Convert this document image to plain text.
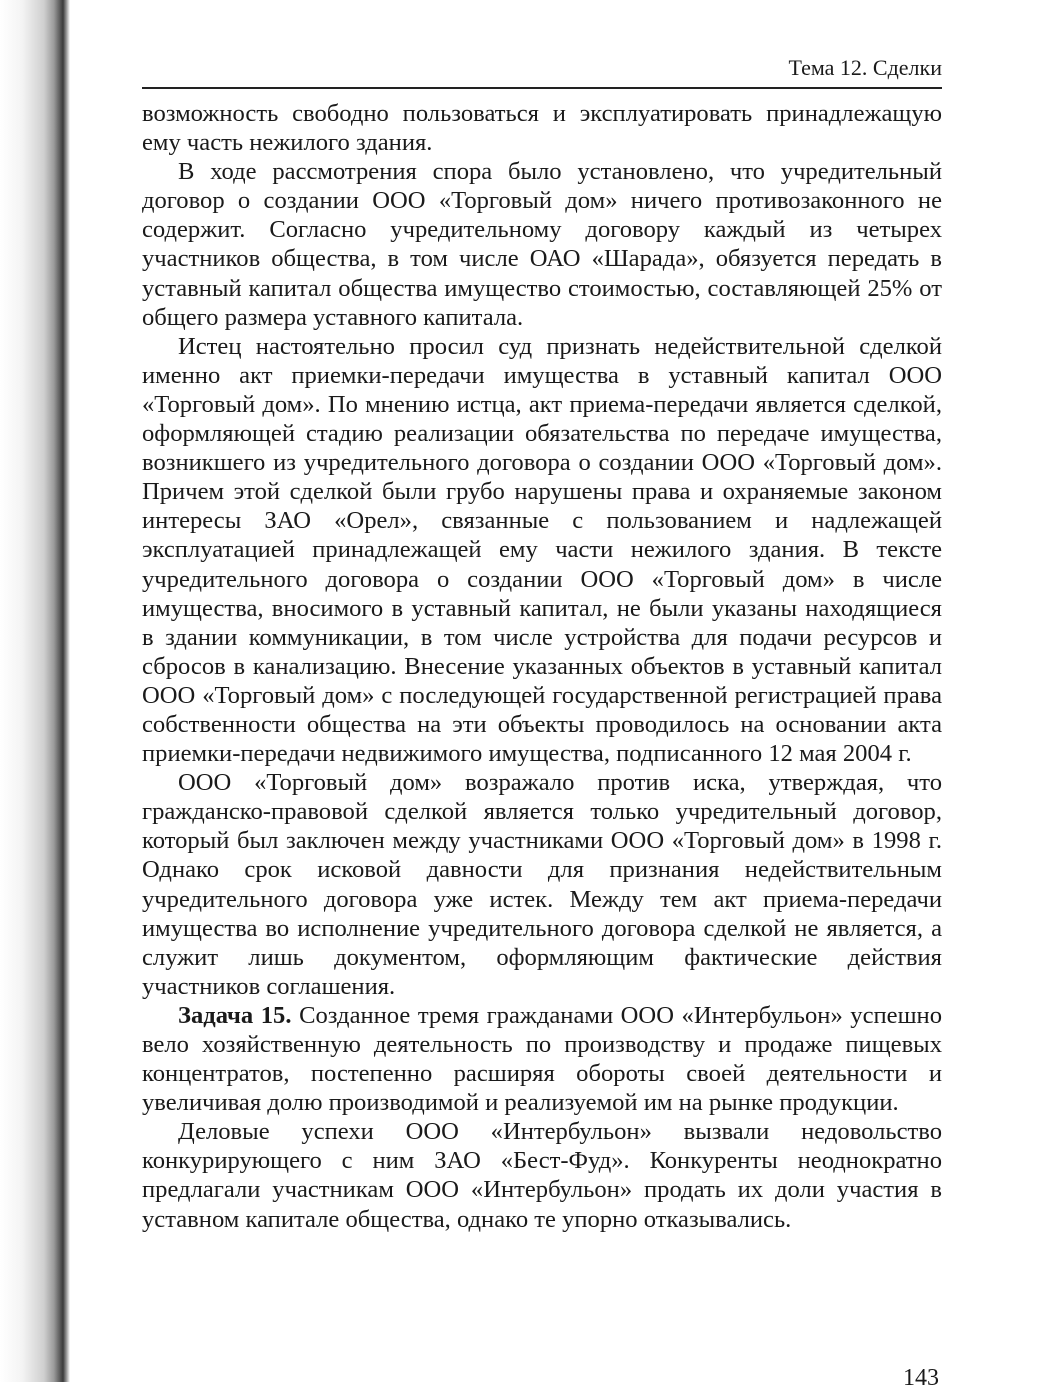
Тема 12. Сделки

возможность свободно пользоваться и эксплуатировать принадлежащую ему часть нежилого здания.

В ходе рассмотрения спора было установлено, что учредительный договор о создании ООО «Торговый дом» ничего противозаконного не содержит. Согласно учредительному договору каждый из четырех участников общества, в том числе ОАО «Шарада», обязуется передать в уставный капитал общества имущество стоимостью, составляющей 25% от общего размера уставного капитала.

Истец настоятельно просил суд признать недействительной сделкой именно акт приемки-передачи имущества в уставный капитал ООО «Торговый дом». По мнению истца, акт приема-передачи является сделкой, оформляющей стадию реализации обязательства по передаче имущества, возникшего из учредительного договора о создании ООО «Торговый дом». Причем этой сделкой были грубо нарушены права и охраняемые законом интересы ЗАО «Орел», связанные с пользованием и надлежащей эксплуатацией принадлежащей ему части нежилого здания. В тексте учредительного договора о создании ООО «Торговый дом» в числе имущества, вносимого в уставный капитал, не были указаны находящиеся в здании коммуникации, в том числе устройства для подачи ресурсов и сбросов в канализацию. Внесение указанных объектов в уставный капитал ООО «Торговый дом» с последующей государственной регистрацией права собственности общества на эти объекты проводилось на основании акта приемки-передачи недвижимого имущества, подписанного 12 мая 2004 г.

ООО «Торговый дом» возражало против иска, утверждая, что гражданско-правовой сделкой является только учредительный договор, который был заключен между участниками ООО «Торговый дом» в 1998 г. Однако срок исковой давности для признания недействительным учредительного договора уже истек. Между тем акт приема-передачи имущества во исполнение учредительного договора сделкой не является, а служит лишь документом, оформляющим фактические действия участников соглашения.

Задача 15. Созданное тремя гражданами ООО «Интербульон» успешно вело хозяйственную деятельность по производству и продаже пищевых концентратов, постепенно расширяя обороты своей деятельности и увеличивая долю производимой и реализуемой им на рынке продукции.

Деловые успехи ООО «Интербульон» вызвали недовольство конкурирующего с ним ЗАО «Бест-Фуд». Конкуренты неоднократно предлагали участникам ООО «Интербульон» продать их доли участия в уставном капитале общества, однако те упорно отказывались.

143
